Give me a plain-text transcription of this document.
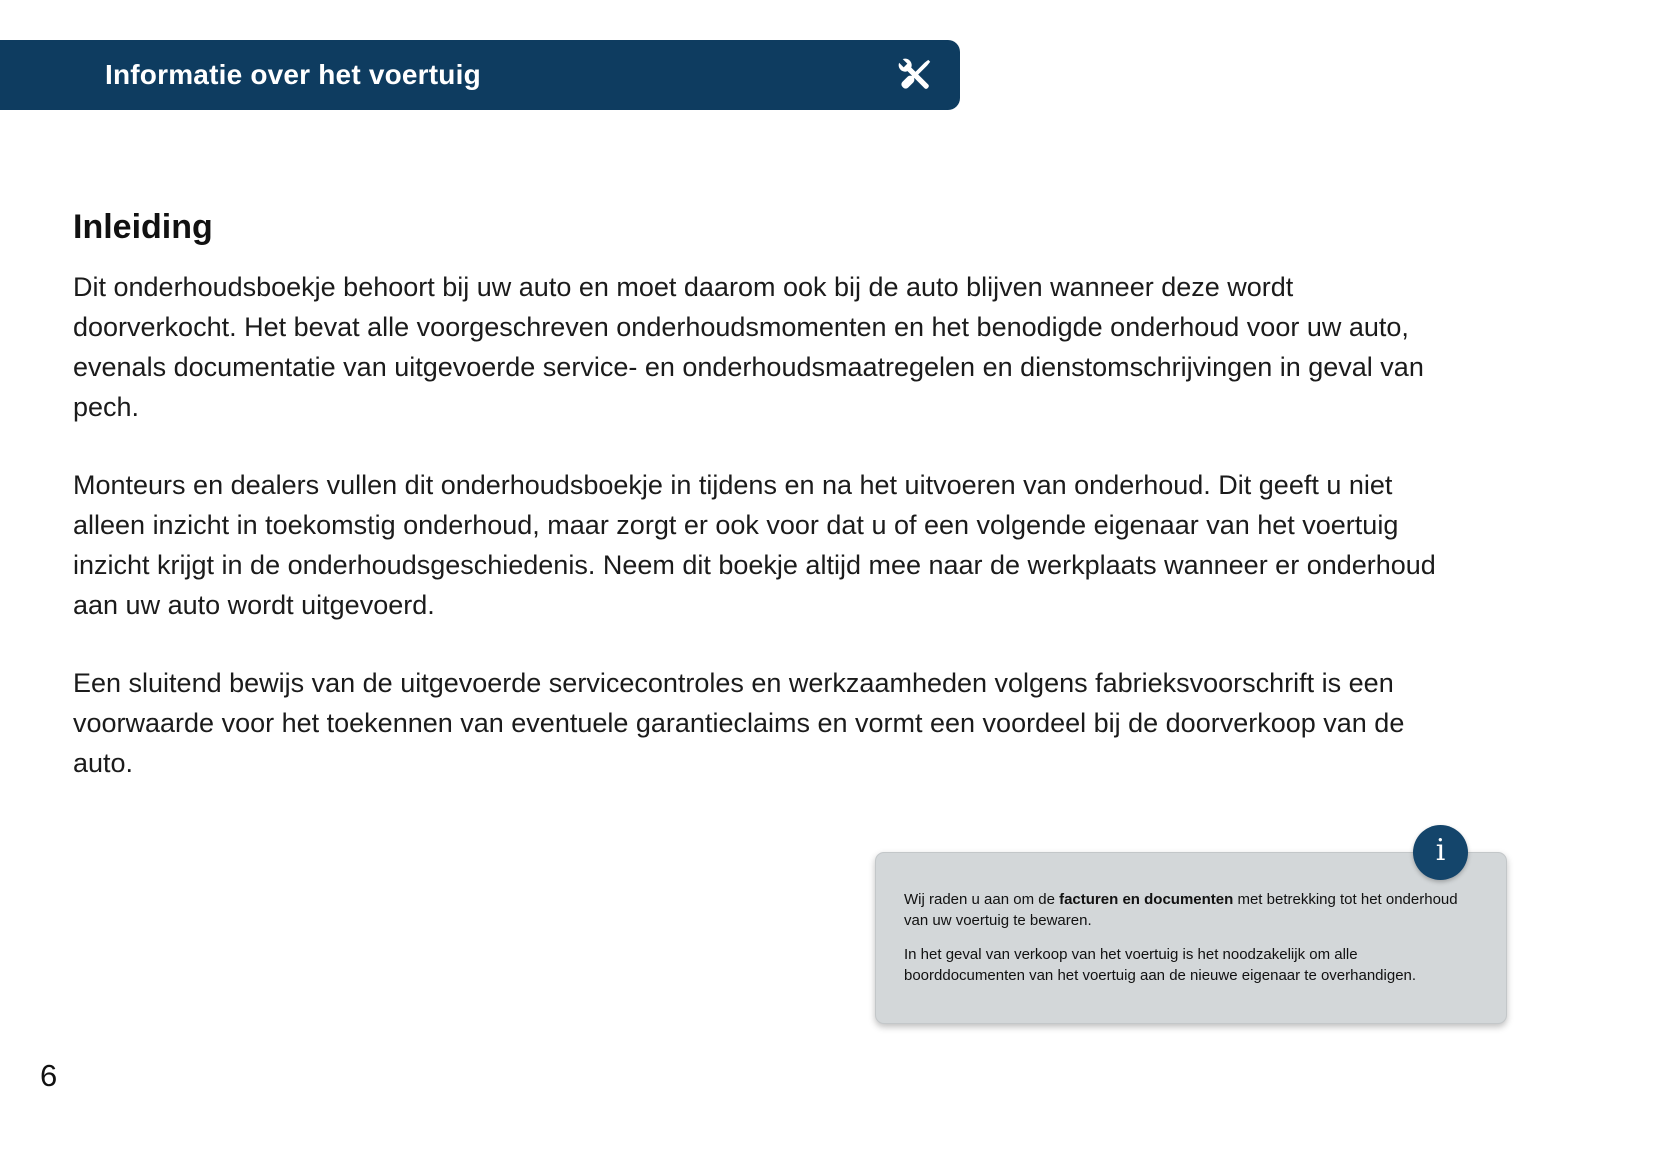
Informatie over het voertuig
Inleiding

Dit onderhoudsboekje behoort bij uw auto en moet daarom ook bij de auto blijven wanneer deze wordt doorverkocht. Het bevat alle voorgeschreven onderhoudsmomenten en het benodigde onderhoud voor uw auto, evenals documentatie van uitgevoerde service- en onderhoudsmaatregelen en dienstomschrijvingen in geval van pech.

Monteurs en dealers vullen dit onderhoudsboekje in tijdens en na het uitvoeren van onderhoud. Dit geeft u niet alleen inzicht in toekomstig onderhoud, maar zorgt er ook voor dat u of een volgende eigenaar van het voertuig inzicht krijgt in de onderhoudsgeschiedenis. Neem dit boekje altijd mee naar de werkplaats wanneer er onderhoud aan uw auto wordt uitgevoerd.

Een sluitend bewijs van de uitgevoerde servicecontroles en werkzaamheden volgens fabrieksvoorschrift is een voorwaarde voor het toekennen van eventuele garantieclaims en vormt een voordeel bij de doorverkoop van de auto.

Wij raden u aan om de facturen en documenten met betrekking tot het onderhoud van uw voertuig te bewaren.

In het geval van verkoop van het voertuig is het noodzakelijk om alle boorddocumenten van het voertuig aan de nieuwe eigenaar te overhandigen.

i
6
